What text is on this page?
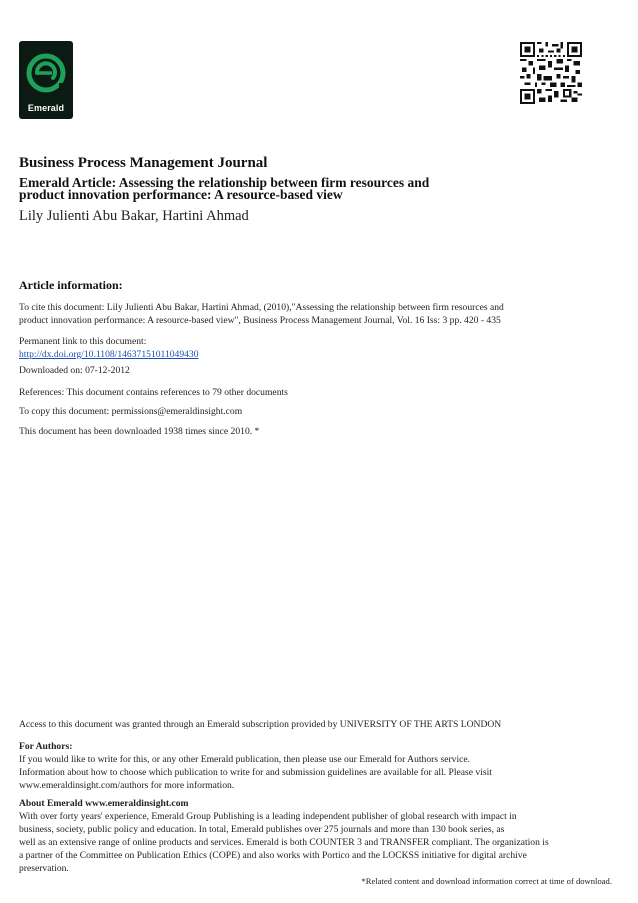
Emerald
Business Process Management Journal
Emerald Article: Assessing the relationship between firm resources and
product innovation performance: A resource-based view
Lily Julienti Abu Bakar, Hartini Ahmad
Article information:
To cite this document: Lily Julienti Abu Bakar, Hartini Ahmad, (2010),"Assessing the relationship between firm resources and
product innovation performance: A resource-based view", Business Process Management Journal, Vol. 16 Iss: 3 pp. 420 - 435
Permanent link to this document:
http://dx.doi.org/10.1108/14637151011049430
Downloaded on: 07-12-2012
References: This document contains references to 79 other documents
To copy this document: permissions@emeraldinsight.com
This document has been downloaded 1938 times since 2010. *
Access to this document was granted through an Emerald subscription provided by UNIVERSITY OF THE ARTS LONDON
For Authors:
If you would like to write for this, or any other Emerald publication, then please use our Emerald for Authors service.
Information about how to choose which publication to write for and submission guidelines are available for all. Please visit
www.emeraldinsight.com/authors for more information.
About Emerald www.emeraldinsight.com
With over forty years' experience, Emerald Group Publishing is a leading independent publisher of global research with impact in
business, society, public policy and education. In total, Emerald publishes over 275 journals and more than 130 book series, as
well as an extensive range of online products and services. Emerald is both COUNTER 3 and TRANSFER compliant. The organization is
a partner of the Committee on Publication Ethics (COPE) and also works with Portico and the LOCKSS initiative for digital archive
preservation.
*Related content and download information correct at time of download.
